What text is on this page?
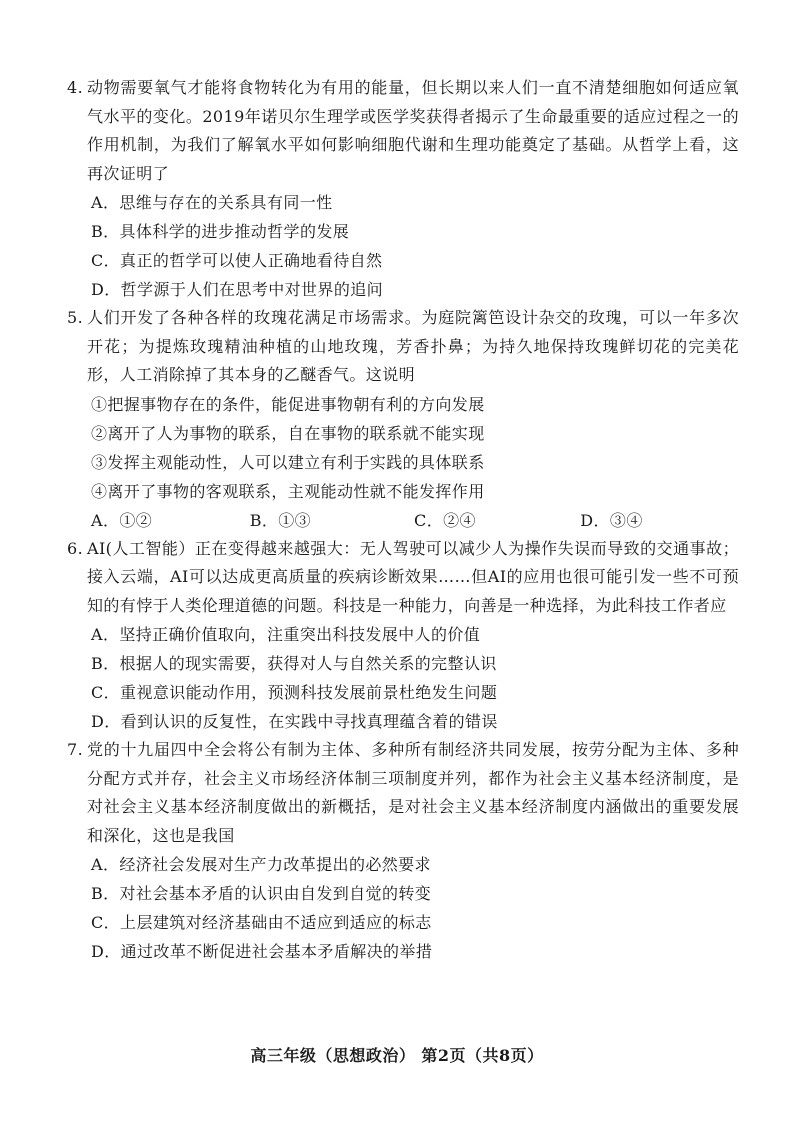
4. 动物需要氧气才能将食物转化为有用的能量，但长期以来人们一直不清楚细胞如何适应氧气水平的变化。2019年诺贝尔生理学或医学奖获得者揭示了生命最重要的适应过程之一的作用机制，为我们了解氧水平如何影响细胞代谢和生理功能奠定了基础。从哲学上看，这再次证明了
A．思维与存在的关系具有同一性
B．具体科学的进步推动哲学的发展
C．真正的哲学可以使人正确地看待自然
D．哲学源于人们在思考中对世界的追问
5. 人们开发了各种各样的玫瑰花满足市场需求。为庭院篱笆设计杂交的玫瑰，可以一年多次开花；为提炼玫瑰精油种植的山地玫瑰，芳香扑鼻；为持久地保持玫瑰鲜切花的完美花形，人工消除掉了其本身的乙醚香气。这说明
①把握事物存在的条件，能促进事物朝有利的方向发展
②离开了人为事物的联系，自在事物的联系就不能实现
③发挥主观能动性，人可以建立有利于实践的具体联系
④离开了事物的客观联系，主观能动性就不能发挥作用
A．①②	B．①③	C．②④	D．③④
6. AI(人工智能）正在变得越来越强大：无人驾驶可以减少人为操作失误而导致的交通事故；接入云端，AI可以达成更高质量的疾病诊断效果……但AI的应用也很可能引发一些不可预知的有悖于人类伦理道德的问题。科技是一种能力，向善是一种选择，为此科技工作者应
A．坚持正确价值取向，注重突出科技发展中人的价值
B．根据人的现实需要，获得对人与自然关系的完整认识
C．重视意识能动作用，预测科技发展前景杜绝发生问题
D．看到认识的反复性，在实践中寻找真理蕴含着的错误
7. 党的十九届四中全会将公有制为主体、多种所有制经济共同发展，按劳分配为主体、多种分配方式并存，社会主义市场经济体制三项制度并列，都作为社会主义基本经济制度，是对社会主义基本经济制度做出的新概括，是对社会主义基本经济制度内涵做出的重要发展和深化，这也是我国
A．经济社会发展对生产力改革提出的必然要求
B．对社会基本矛盾的认识由自发到自觉的转变
C．上层建筑对经济基础由不适应到适应的标志
D．通过改革不断促进社会基本矛盾解决的举措
高三年级（思想政治） 第2页（共8页）
